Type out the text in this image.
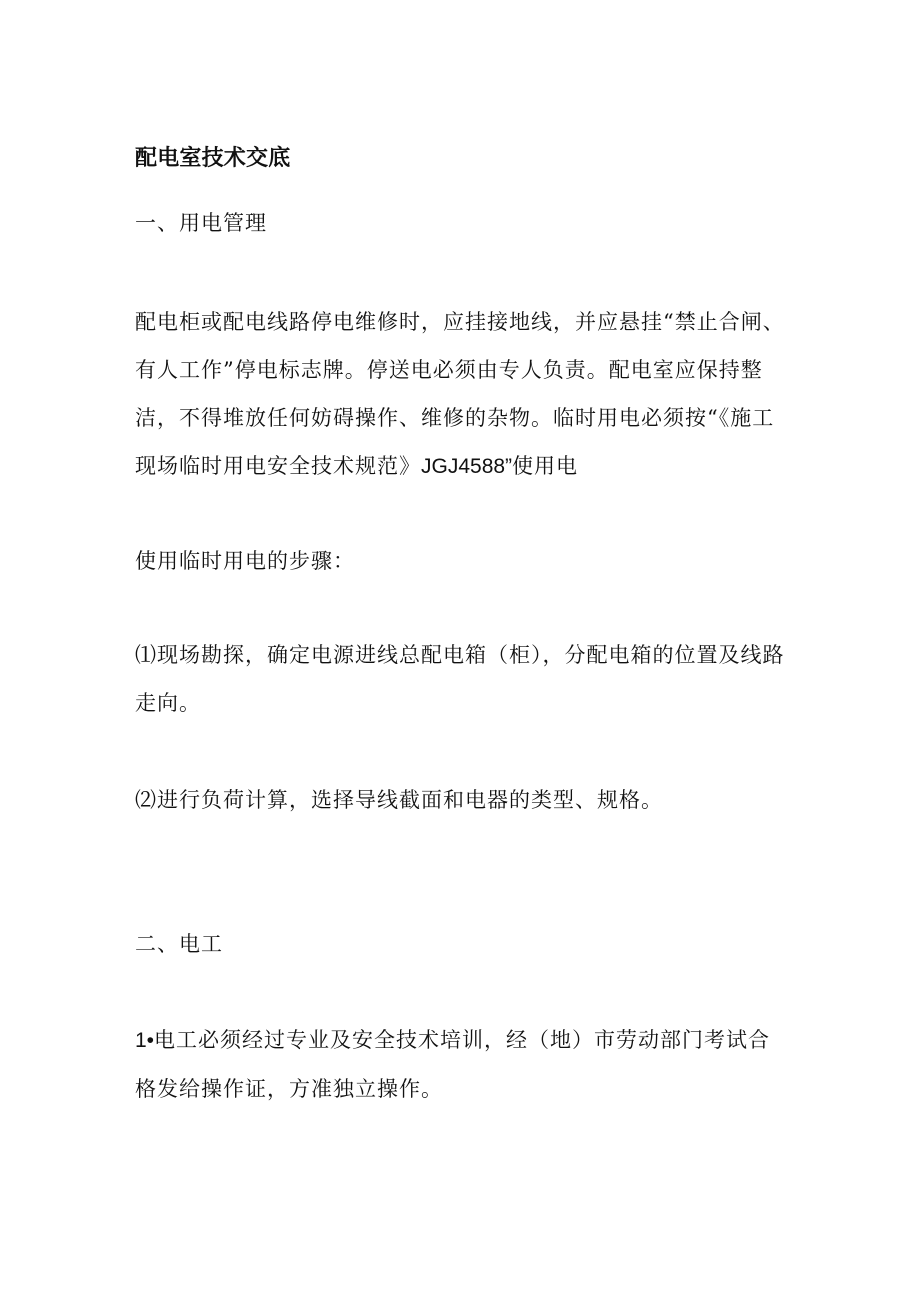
配电室技术交底
一、用电管理

配电柜或配电线路停电维修时，应挂接地线，并应悬挂“禁止合闸、有人工作”停电标志牌。停送电必须由专人负责。配电室应保持整洁，不得堆放任何妨碍操作、维修的杂物。临时用电必须按“《施工现场临时用电安全技术规范》JGJ4588”使用电

使用临时用电的步骤：

⑴现场勘探，确定电源进线总配电箱（柜），分配电箱的位置及线路走向。

⑵进行负荷计算，选择导线截面和电器的类型、规格。

二、电工

1•电工必须经过专业及安全技术培训，经（地）市劳动部门考试合格发给操作证，方准独立操作。
